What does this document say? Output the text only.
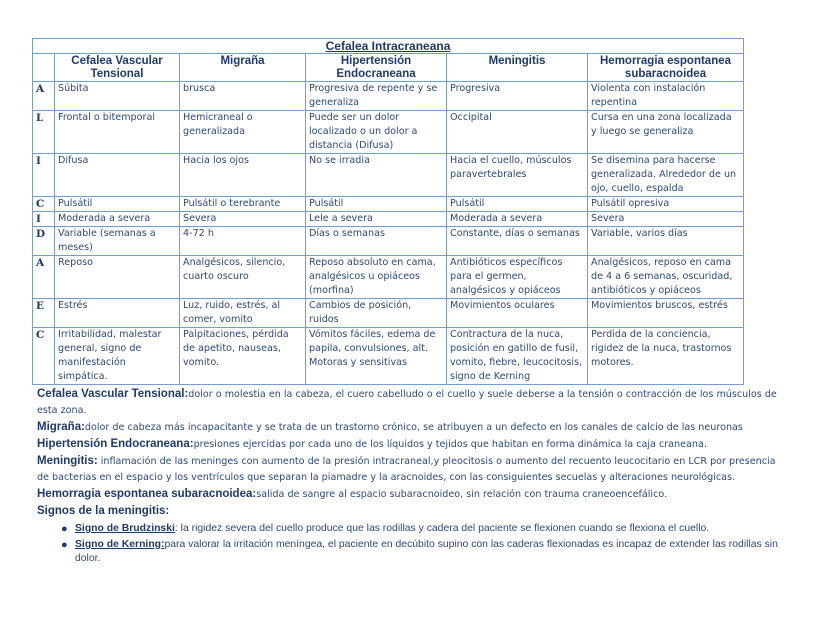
Cefalea Intracraneana					
	Cefalea Vascular Tensional	Migraña	Hipertensión Endocraneana	Meningitis	Hemorragia espontanea subaracnoidea
A	Súbita	brusca	Progresiva de repente y se generaliza	Progresiva	Violenta con instalación repentina
L	Frontal o bitemporal	Hemicraneal o generalizada	Puede ser un dolor localizado o un dolor a distancia (Difusa)	Occipital	Cursa en una zona localizada y luego se generaliza
I	Difusa	Hacia los ojos	No se irradia	Hacia el cuello, músculos paravertebrales	Se disemina para hacerse generalizada. Alrededor de un ojo, cuello, espalda
C	Pulsátil	Pulsátil o terebrante	Pulsátil	Pulsátil	Pulsátil opresiva
I	Moderada a severa	Severa	Lele a severa	Moderada a severa	Severa
D	Variable (semanas a meses)	4-72 h	Días o semanas	Constante, días o semanas	Variable, varios días
A	Reposo	Analgésicos, silencio, cuarto oscuro	Reposo absoluto en cama, analgésicos u opiáceos (morfina)	Antibióticos específicos para el germen, analgésicos y opiáceos	Analgésicos, reposo en cama de 4 a 6 semanas, oscuridad, antibióticos y opiáceos
E	Estrés	Luz, ruido, estrés, al comer, vomito	Cambios de posición, ruidos	Movimientos oculares	Movimientos bruscos, estrés
C	Irritabilidad, malestar general, signo de manifestación simpática.	Palpitaciones, pérdida de apetito, nauseas, vomito.	Vómitos fáciles, edema de papila, convulsiones, alt. Motoras y sensitivas	Contractura de la nuca, posición en gatillo de fusil, vomito, fiebre, leucocitosis, signo de Kerning	Perdida de la conciencia, rigidez de la nuca, trastornos motores.

Cefalea Vascular Tensional:dolor o molestia en la cabeza, el cuero cabelludo o el cuello y suele deberse a la tensión o contracción de los músculos de esta zona.

Migraña:dolor de cabeza más incapacitante y se trata de un trastorno crónico, se atribuyen a un defecto en los canales de calcio de las neuronas

Hipertensión Endocraneana:presiones ejercidas por cada uno de los líquidos y tejidos que habitan en forma dinámica la caja craneana.

Meningitis: inflamación de las meninges con aumento de la presión intracraneal,y pleocitosis o aumento del recuento leucocitario en LCR por presencia de bacterias en el espacio y los ventrículos que separan la piamadre y la aracnoides, con las consiguientes secuelas y alteraciones neurológicas.

Hemorragia espontanea subaracnoidea:salida de sangre al espacio subaracnoideo, sin relación con trauma craneoencefálico.

Signos de la meningitis:
● Signo de Brudzinski: la rigidez severa del cuello produce que las rodillas y cadera del paciente se flexionen cuando se flexiona el cuello.
● Signo de Kerning:para valorar la irritación meníngea, el paciente en decúbito supino con las caderas flexionadas es incapaz de extender las rodillas sin dolor.
